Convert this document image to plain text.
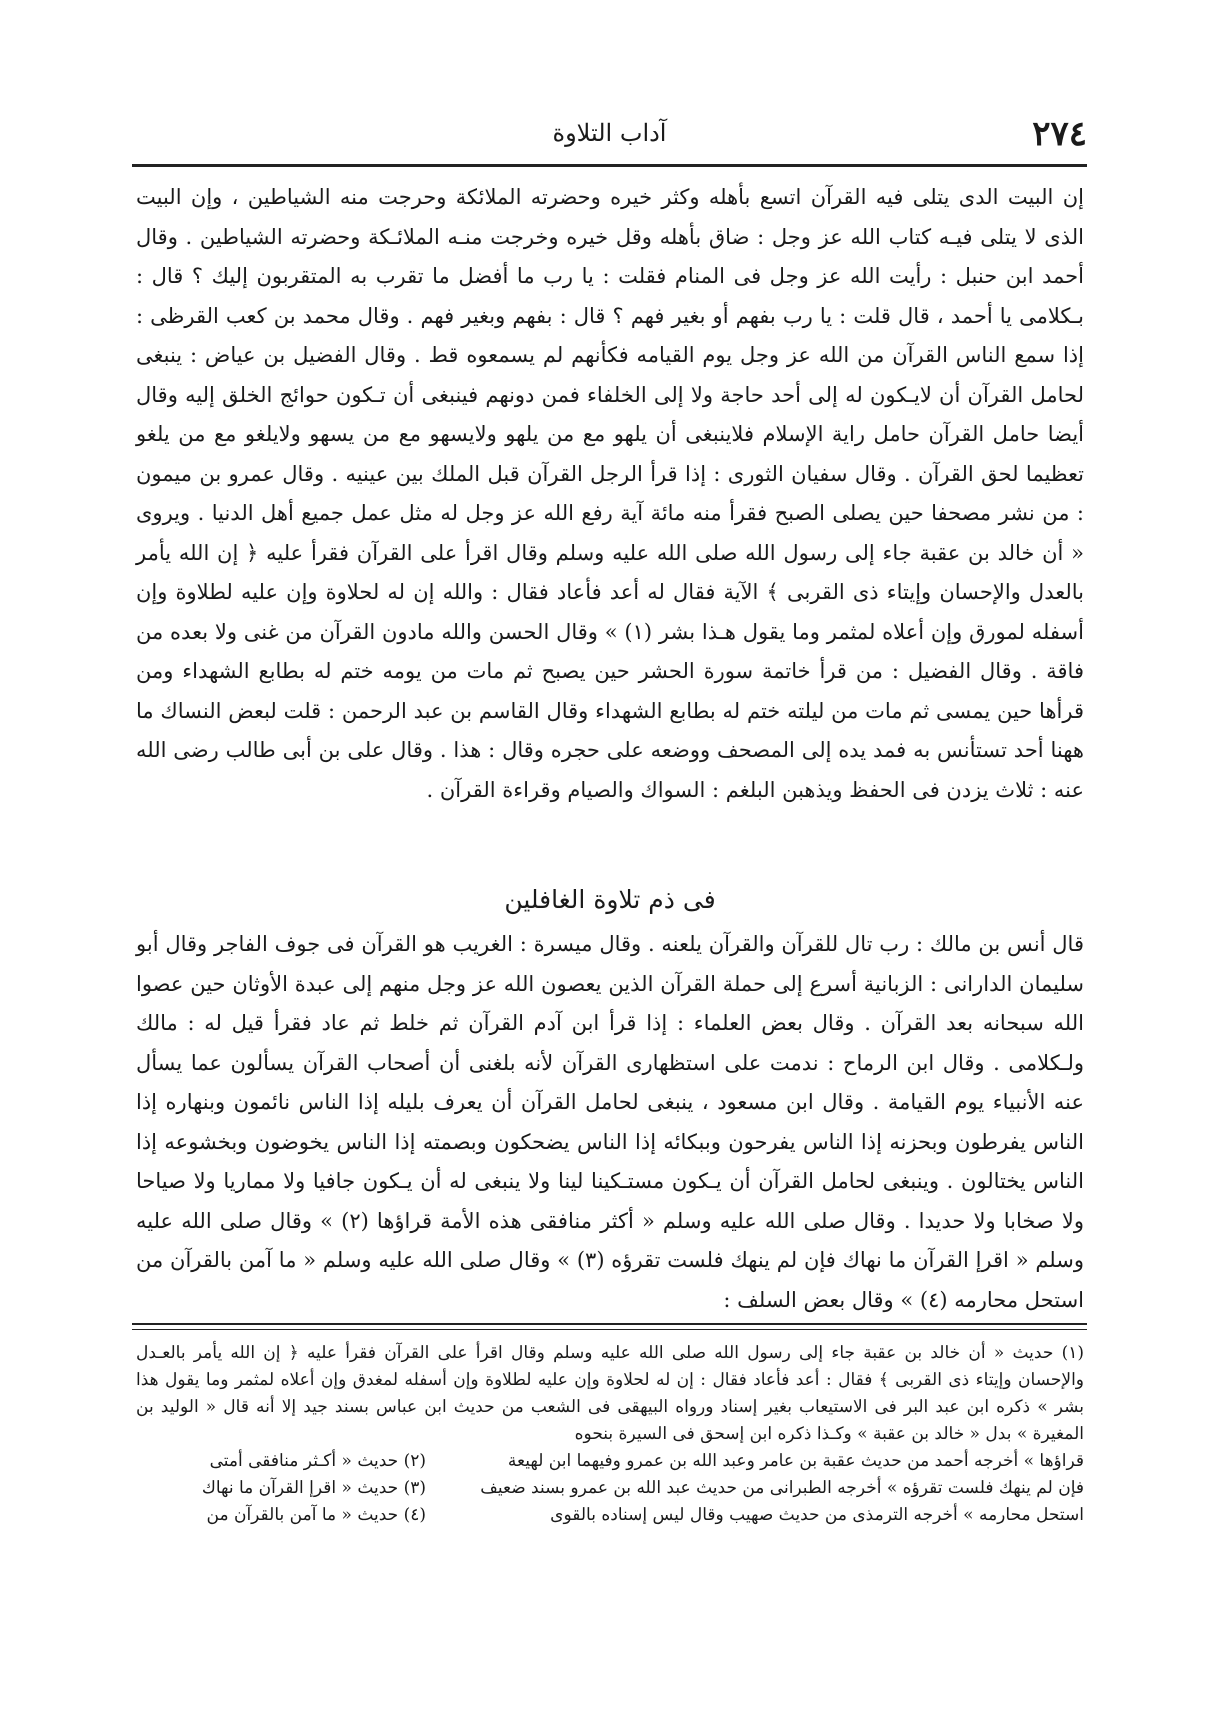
٢٧٤
آداب التلاوة

إن البيت الدى يتلى فيه القرآن اتسع بأهله وكثر خيره وحضرته الملائكة وحرجت منه الشياطين ، وإن البيت الذى لا يتلى فيـه كتاب الله عز وجل : ضاق بأهله وقل خيره وخرجت منـه الملائـكة وحضرته الشياطين . وقال أحمد ابن حنبل : رأيت الله عز وجل فى المنام فقلت : يا رب ما أفضل ما تقرب به المتقربون إليك ؟ قال : بـكلامى يا أحمد ، قال قلت : يا رب بفهم أو بغير فهم ؟ قال : بفهم وبغير فهم . وقال محمد بن كعب القرظى : إذا سمع الناس القرآن من الله عز وجل يوم القيامه فكأنهم لم يسمعوه قط . وقال الفضيل بن عياض : ينبغى لحامل القرآن أن لايـكون له إلى أحد حاجة ولا إلى الخلفاء فمن دونهم فينبغى أن تـكون حوائج الخلق إليه وقال أيضا حامل القرآن حامل راية الإسلام فلاينبغى أن يلهو مع من يلهو ولايسهو مع من يسهو ولايلغو مع من يلغو تعظيما لحق القرآن . وقال سفيان الثورى : إذا قرأ الرجل القرآن قبل الملك بين عينيه . وقال عمرو بن ميمون : من نشر مصحفا حين يصلى الصبح فقرأ منه مائة آية رفع الله عز وجل له مثل عمل جميع أهل الدنيا . ويروى « أن خالد بن عقبة جاء إلى رسول الله صلى الله عليه وسلم وقال اقرأ على القرآن فقرأ عليه ﴿ إن الله يأمر بالعدل والإحسان وإيتاء ذى القربى ﴾ الآية فقال له أعد فأعاد فقال : والله إن له لحلاوة وإن عليه لطلاوة وإن أسفله لمورق وإن أعلاه لمثمر وما يقول هـذا بشر (١) » وقال الحسن والله مادون القرآن من غنى ولا بعده من فاقة . وقال الفضيل : من قرأ خاتمة سورة الحشر حين يصبح ثم مات من يومه ختم له بطابع الشهداء ومن قرأها حين يمسى ثم مات من ليلته ختم له بطابع الشهداء وقال القاسم بن عبد الرحمن : قلت لبعض النساك ما ههنا أحد تستأنس به فمد يده إلى المصحف ووضعه على حجره وقال : هذا . وقال على بن أبى طالب رضى الله عنه : ثلاث يزدن فى الحفظ ويذهبن البلغم : السواك والصيام وقراءة القرآن .

فى ذم تلاوة الغافلين

قال أنس بن مالك : رب تال للقرآن والقرآن يلعنه . وقال ميسرة : الغريب هو القرآن فى جوف الفاجر وقال أبو سليمان الدارانى : الزبانية أسرع إلى حملة القرآن الذين يعصون الله عز وجل منهم إلى عبدة الأوثان حين عصوا الله سبحانه بعد القرآن . وقال بعض العلماء : إذا قرأ ابن آدم القرآن ثم خلط ثم عاد فقرأ قيل له : مالك ولـكلامى . وقال ابن الرماح : ندمت على استظهارى القرآن لأنه بلغنى أن أصحاب القرآن يسألون عما يسأل عنه الأنبياء يوم القيامة . وقال ابن مسعود ، ينبغى لحامل القرآن أن يعرف بليله إذا الناس نائمون وبنهاره إذا الناس يفرطون وبحزنه إذا الناس يفرحون وببكائه إذا الناس يضحكون وبصمته إذا الناس يخوضون وبخشوعه إذا الناس يختالون . وينبغى لحامل القرآن أن يـكون مستـكينا لينا ولا ينبغى له أن يـكون جافيا ولا مماريا ولا صياحا ولا صخابا ولا حديدا . وقال صلى الله عليه وسلم « أكثر منافقى هذه الأمة قراؤها (٢) » وقال صلى الله عليه وسلم « اقرإ القرآن ما نهاك فإن لم ينهك فلست تقرؤه (٣) » وقال صلى الله عليه وسلم « ما آمن بالقرآن من استحل محارمه (٤) » وقال بعض السلف :

(١) حديث « أن خالد بن عقبة جاء إلى رسول الله صلى الله عليه وسلم وقال اقرأ على القرآن فقرأ عليه ﴿ إن الله يأمر بالعـدل والإحسان وإيتاء ذى القربى ﴾ فقال : أعد فأعاد فقال : إن له لحلاوة وإن عليه لطلاوة وإن أسفله لمغدق وإن أعلاه لمثمر وما يقول هذا بشر » ذكره ابن عبد البر فى الاستيعاب بغير إسناد ورواه البيهقى فى الشعب من حديث ابن عباس بسند جيد إلا أنه قال « الوليد بن المغيرة » بدل « خالد بن عقبة » وكـذا ذكره ابن إسحق فى السيرة بنحوه

(٢) حديث « أكـثر منافقى أمتى

(٣) حديث « اقرإ القرآن ما نهاك

(٤) حديث « ما آمن بالقرآن من

قراؤها » أخرجه أحمد من حديث عقبة بن عامر وعبد الله بن عمرو وفيهما ابن لهيعة

فإن لم ينهك فلست تقرؤه » أخرجه الطبرانى من حديث عبد الله بن عمرو بسند ضعيف

استحل محارمه » أخرجه الترمذى من حديث صهيب وقال ليس إسناده بالقوى
